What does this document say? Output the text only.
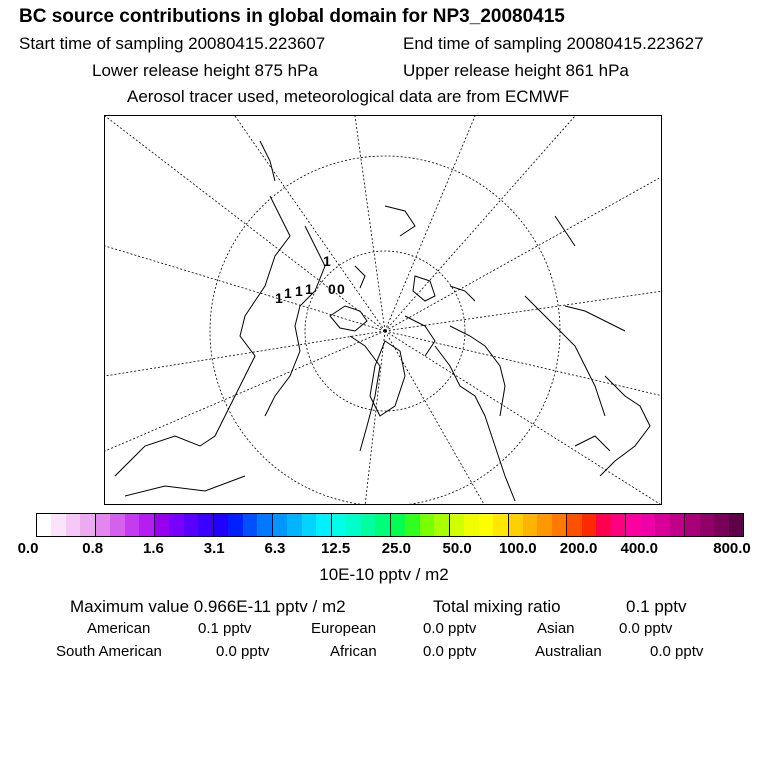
BC source contributions in global domain for NP3_20080415
Start time of sampling 20080415.223607	End time of sampling 20080415.223627
Lower release height 875 hPa	Upper release height 861 hPa
Aerosol tracer used, meteorological data are from ECMWF
1
1 1 1 1 0 0
0.0	0.8	1.6	3.1	6.3 12.5 25.0 50.0 100.0 200.0 400.0	800.0
10E-10 pptv / m2
Maximum value 0.966E-11 pptv / m2	Total mixing ratio	0.1 pptv
American	0.1 pptv	European	0.0 pptv	Asian	0.0 pptv
South American	0.0 pptv	African	0.0 pptv	Australian	0.0 pptv
